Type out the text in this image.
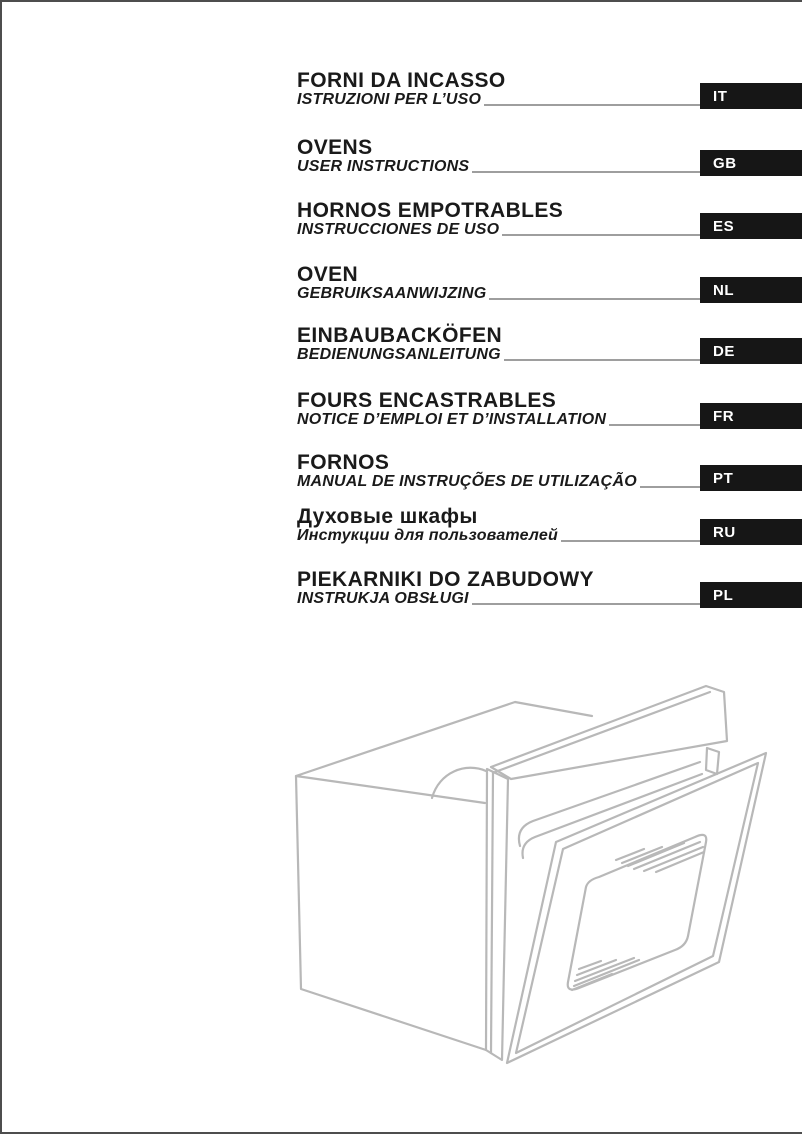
FORNI DA INCASSO
ISTRUZIONI PER L’USO	IT
OVENS
USER INSTRUCTIONS	GB
HORNOS EMPOTRABLES
INSTRUCCIONES DE USO	ES
OVEN
GEBRUIKSAANWIJZING	NL
EINBAUBACKÖFEN
BEDIENUNGSANLEITUNG	DE
FOURS ENCASTRABLES
NOTICE D’EMPLOI ET D’INSTALLATION	FR
FORNOS
MANUAL DE INSTRUÇÕES DE UTILIZAÇÃO	PT
Духовые шкафы
Инстукции для пользователей	RU
PIEKARNIKI DO ZABUDOWY
INSTRUKJA OBSŁUGI	PL
